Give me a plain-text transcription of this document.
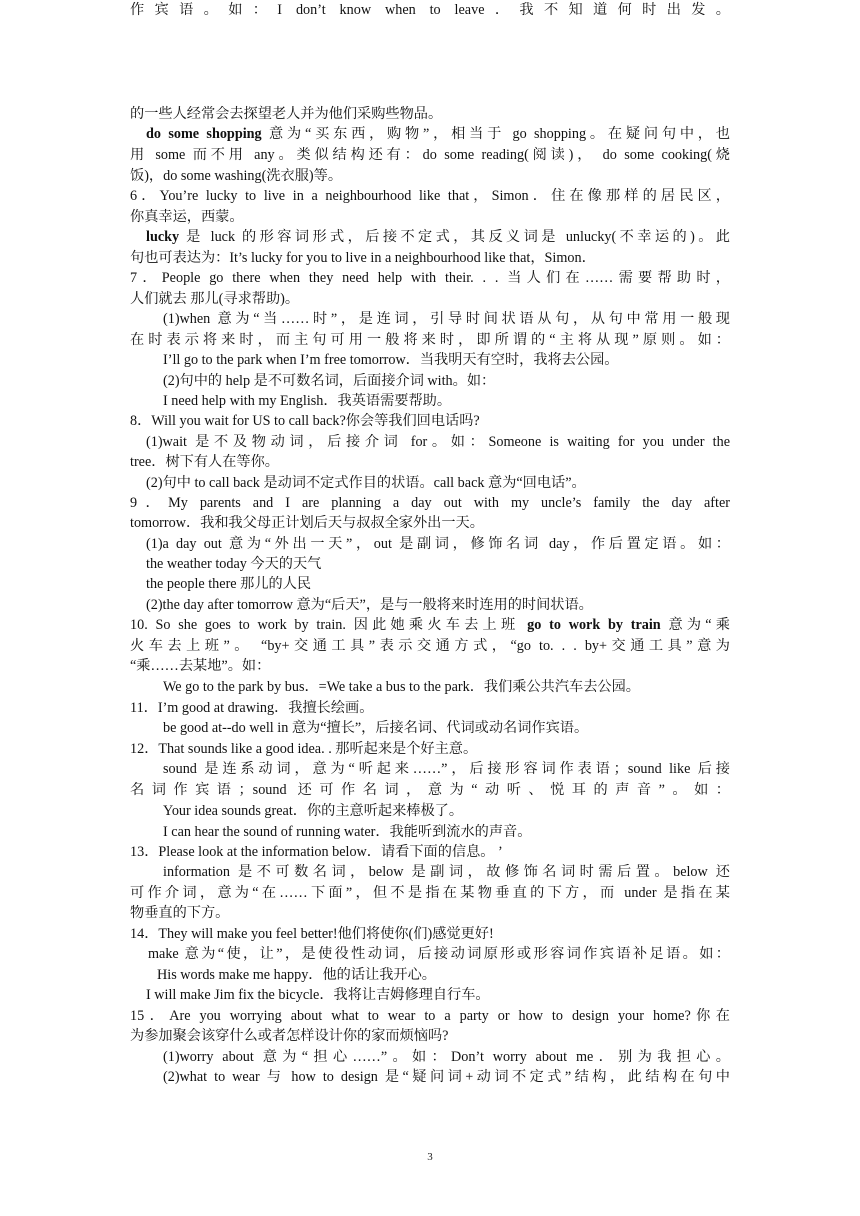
的一些人经常会去探望老人并为他们采购些物品。
do some shopping 意为“买东西，购物”，相当于 go shopping。在疑问句中，也
用 some 而不用 any。类似结构还有：do some reading(阅读)， do some cooking(烧
饭)，do some washing(洗衣服)等。
6．You’re lucky to live in a neighbourhood like that，Simon．住在像那样的居民区，
你真幸运，西蒙。
lucky 是 luck 的形容词形式，后接不定式，其反义词是 unlucky(不幸运的)。此
句也可表达为：It’s lucky for you to live in a neighbourhood like that，Simon．
7．People go there when they need help with their. . . 当人们在……需要帮助时，
人们就去 那儿(寻求帮助)。
(1)when 意为“当……时”，是连词，引导时间状语从句，从句中常用一般现
在时表示将来时，而主句可用一般将来时，即所谓的“主将从现”原则。如：
I’ll go to the park when I’m free tomorrow．当我明天有空时，我将去公园。
(2)句中的 help 是不可数名词，后面接介词 with。如：
I need help with my English．我英语需要帮助。
8．Will you wait for US to call back?你会等我们回电话吗?
(1)wait 是不及物动词，后接介词 for。如：Someone is waiting for you under the
tree．树下有人在等你。
(2)句中 to call back 是动词不定式作目的状语。call back 意为“回电话”。
9．My parents and I are planning a day out with my uncle’s family the day after
tomorrow．我和我父母正计划后天与叔叔全家外出一天。
(1)a day out 意为“外出一天”，out 是副词，修饰名词 day，作后置定语。如：
the weather today 今天的天气
the people there 那儿的人民
(2)the day after tomorrow 意为“后天”，是与一般将来时连用的时间状语。
10. So she goes to work by train. 因此她乘火车去上班 go to work by train 意为“乘
火车去上班”。 “by+交通工具”表示交通方式，“go to. . . by+交通工具”意为
“乘……去某地”。如：
We go to the park by bus．=We take a bus to the park．我们乘公共汽车去公园。
11．I’m good at drawing．我擅长绘画。
be good at--do well in 意为“擅长”，后接名词、代词或动名词作宾语。
12．That sounds like a good idea. . 那听起来是个好主意。
sound 是连系动词，意为“听起来……”，后接形容词作表语；sound like 后接
名词作宾语；sound 还可作名词，意为“动听、悦耳的声音”。如：
Your idea sounds great．你的主意听起来棒极了。
I can hear the sound of running water．我能听到流水的声音。
13．Please look at the information below．请看下面的信息。 ’
information 是不可数名词，below 是副词，故修饰名词时需后置。below 还
可作介词，意为“在……下面”，但不是指在某物垂直的下方，而 under 是指在某
物垂直的下方。
14．They will make you feel better!他们将使你(们)感觉更好!
make 意为“使，让”，是使役性动词，后接动词原形或形容词作宾语补足语。如：
His words make me happy．他的话让我开心。
I will make Jim fix the bicycle．我将让吉姆修理自行车。
15．Are you worrying about what to wear to a party or how to design your home?你在
为参加聚会该穿什么或者怎样设计你的家而烦恼吗?
(1)worry about 意为“担心……”。如：Don’t worry about me．别为我担心。
(2)what to wear 与 how to design 是“疑问词+动词不定式”结构，此结构在句中
作宾语。如：I don’t know when to leave．我不知道何时出发。
3
